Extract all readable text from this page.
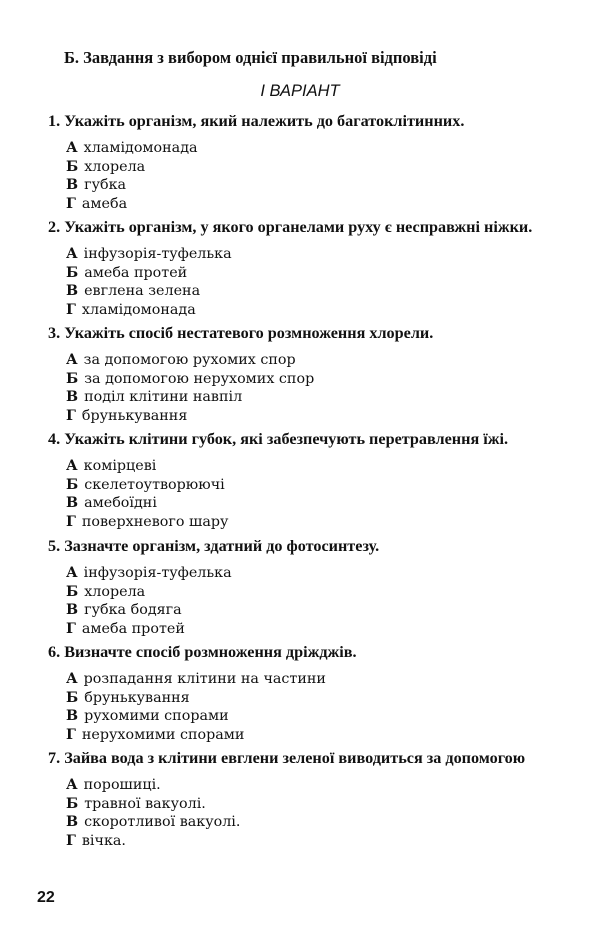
Б. Завдання з вибором однієї правильної відповіді
I ВАРІАНТ
1. Укажіть організм, який належить до багатоклітинних.
А хламідомонада
Б хлорела
В губка
Г амеба
2. Укажіть організм, у якого органелами руху є несправжні ніжки.
А інфузорія-туфелька
Б амеба протей
В евглена зелена
Г хламідомонада
3. Укажіть спосіб нестатевого розмноження хлорели.
А за допомогою рухомих спор
Б за допомогою нерухомих спор
В поділ клітини навпіл
Г брунькування
4. Укажіть клітини губок, які забезпечують перетравлення їжі.
А комірцеві
Б скелетоутворюючі
В амебоїдні
Г поверхневого шару
5. Зазначте організм, здатний до фотосинтезу.
А інфузорія-туфелька
Б хлорела
В губка бодяга
Г амеба протей
6. Визначте спосіб розмноження дріжджів.
А розпадання клітини на частини
Б брунькування
В рухомими спорами
Г нерухомими спорами
7. Зайва вода з клітини евглени зеленої виводиться за допомогою
А порошиці.
Б травної вакуолі.
В скоротливої вакуолі.
Г вічка.
22
